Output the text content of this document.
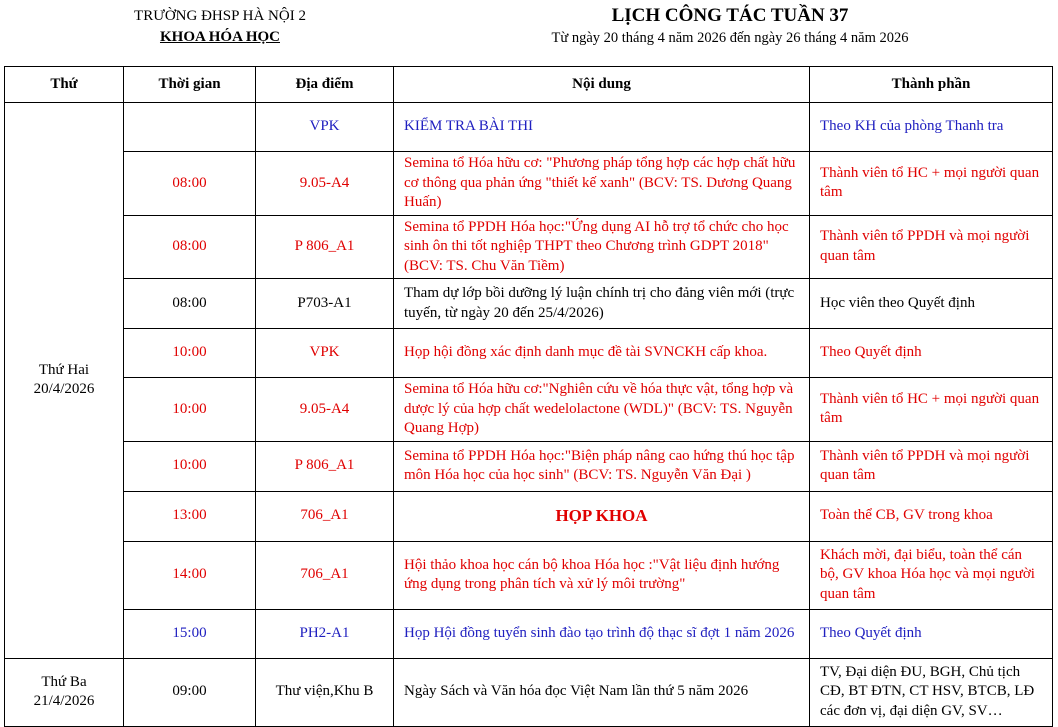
TRƯỜNG ĐHSP HÀ NỘI 2
KHOA HÓA HỌC
LỊCH CÔNG TÁC TUẦN 37
Từ ngày 20 tháng 4 năm 2026 đến ngày 26 tháng 4 năm 2026
Thứ	Thời gian	Địa điểm	Nội dung	Thành phần

Thứ Hai
20/4/2026		VPK	KIỂM TRA BÀI THI	Theo KH của phòng Thanh tra
	08:00	9.05-A4	Semina tổ Hóa hữu cơ: "Phương pháp tổng hợp các hợp chất hữu cơ thông qua phản ứng "thiết kế xanh" (BCV: TS. Dương Quang Huấn)	Thành viên tổ HC + mọi người quan tâm
	08:00	P 806_A1	Semina tổ PPDH Hóa học:"Ứng dụng AI hỗ trợ tổ chức cho học sinh ôn thi tốt nghiệp THPT theo Chương trình GDPT 2018" (BCV: TS. Chu Văn Tiềm)	Thành viên tổ PPDH và mọi người quan tâm
	08:00	P703-A1	Tham dự lớp bồi dưỡng lý luận chính trị cho đảng viên mới (trực tuyến, từ ngày 20 đến 25/4/2026)	Học viên theo Quyết định
	10:00	VPK	Họp hội đồng xác định danh mục đề tài SVNCKH cấp khoa.	Theo Quyết định
	10:00	9.05-A4	Semina tổ Hóa hữu cơ:"Nghiên cứu về hóa thực vật, tổng hợp và dược lý của hợp chất wedelolactone (WDL)" (BCV: TS. Nguyễn Quang Hợp)	Thành viên tổ HC + mọi người quan tâm
	10:00	P 806_A1	Semina tổ PPDH Hóa học:"Biện pháp nâng cao hứng thú học tập môn Hóa học của học sinh" (BCV: TS. Nguyễn Văn Đại )	Thành viên tổ PPDH và mọi người quan tâm
	13:00	706_A1	HỌP KHOA	Toàn thể CB, GV trong khoa
	14:00	706_A1	Hội thảo khoa học cán bộ khoa Hóa học :"Vật liệu định hướng ứng dụng trong phân tích và xử lý môi trường"	Khách mời, đại biểu, toàn thể cán bộ, GV khoa Hóa học và mọi người quan tâm
	15:00	PH2-A1	Họp Hội đồng tuyển sinh đào tạo trình độ thạc sĩ đợt 1 năm 2026	Theo Quyết định

Thứ Ba
21/4/2026	09:00	Thư viện,Khu B	Ngày Sách và Văn hóa đọc Việt Nam lần thứ 5 năm 2026	TV, Đại diện ĐU, BGH, Chủ tịch CĐ, BT ĐTN, CT HSV, BTCB, LĐ các đơn vị, đại diện GV, SV…
